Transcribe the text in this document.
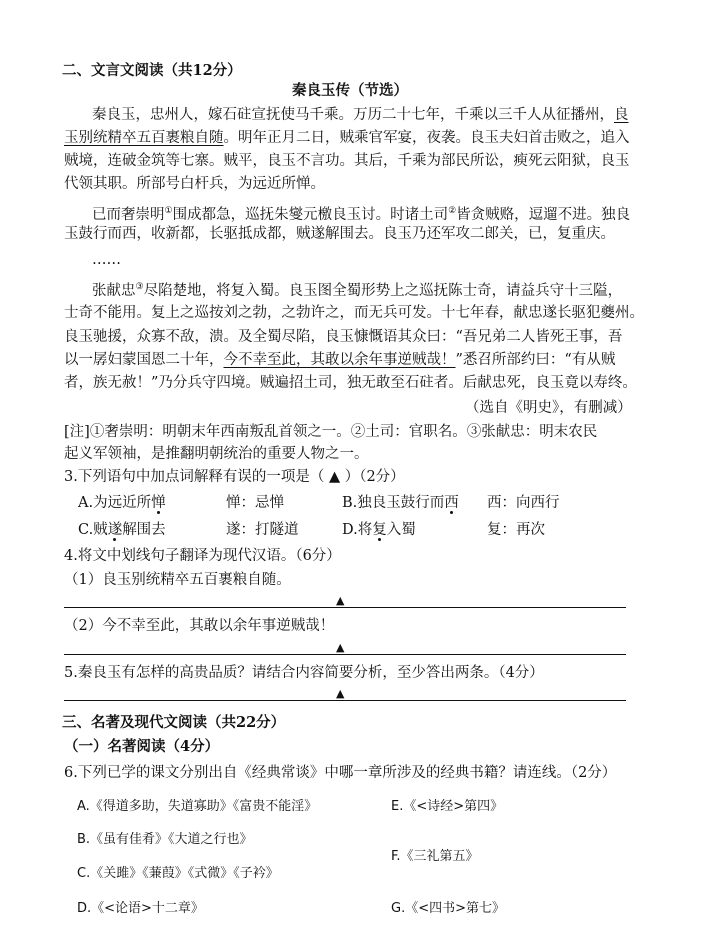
二、文言文阅读（共12分）
秦良玉传（节选）
秦良玉，忠州人，嫁石砫宣抚使马千乘。万历二十七年，千乘以三千人从征播州，良
玉别统精卒五百裹粮自随。明年正月二日，贼乘官军宴，夜袭。良玉夫妇首击败之，追入
贼境，连破金筑等七寨。贼平，良玉不言功。其后，千乘为部民所讼，瘐死云阳狱，良玉
代领其职。所部号白杆兵，为远近所惮。
已而奢崇明①围成都急，巡抚朱燮元檄良玉讨。时诸土司②皆贪贼赂，逗遛不进。独良
玉鼓行而西，收新都，长驱抵成都，贼遂解围去。良玉乃还军攻二郎关，已，复重庆。
……
张献忠③尽陷楚地，将复入蜀。良玉图全蜀形势上之巡抚陈士奇，请益兵守十三隘，
士奇不能用。复上之巡按刘之勃，之勃许之，而无兵可发。十七年春，献忠遂长驱犯夔州。
良玉驰援，众寡不敌，溃。及全蜀尽陷，良玉慷慨语其众曰：“吾兄弟二人皆死王事，吾
以一孱妇蒙国恩二十年，今不幸至此，其敢以余年事逆贼哉！”悉召所部约曰：“有从贼
者，族无赦！”乃分兵守四境。贼遍招土司，独无敢至石砫者。后献忠死，良玉竟以寿终。
（选自《明史》，有删减）
[注]①奢崇明：明朝末年西南叛乱首领之一。②土司：官职名。③张献忠：明末农民
起义军领袖，是推翻明朝统治的重要人物之一。
3.下列语句中加点词解释有误的一项是（ ▲ ）（2分）
A.为远近所惮	惮：忌惮	B.独良玉鼓行而西 西：向西行
C.贼遂解围去	遂：打隧道	D.将复入蜀	复：再次
4.将文中划线句子翻译为现代汉语。（6分）
（1）良玉别统精卒五百裹粮自随。
▲
（2）今不幸至此，其敢以余年事逆贼哉！
▲
5.秦良玉有怎样的高贵品质？请结合内容简要分析，至少答出两条。（4分）
▲
三、名著及现代文阅读（共22分）
（一）名著阅读（4分）
6.下列已学的课文分别出自《经典常谈》中哪一章所涉及的经典书籍？请连线。（2分）
A.《得道多助，失道寡助》《富贵不能淫》
B.《虽有佳肴》《大道之行也》
C.《关雎》《蒹葭》《式微》《子衿》
D.《<论语>十二章》
E.《<诗经>第四》
F.《三礼第五》
G.《<四书>第七》
